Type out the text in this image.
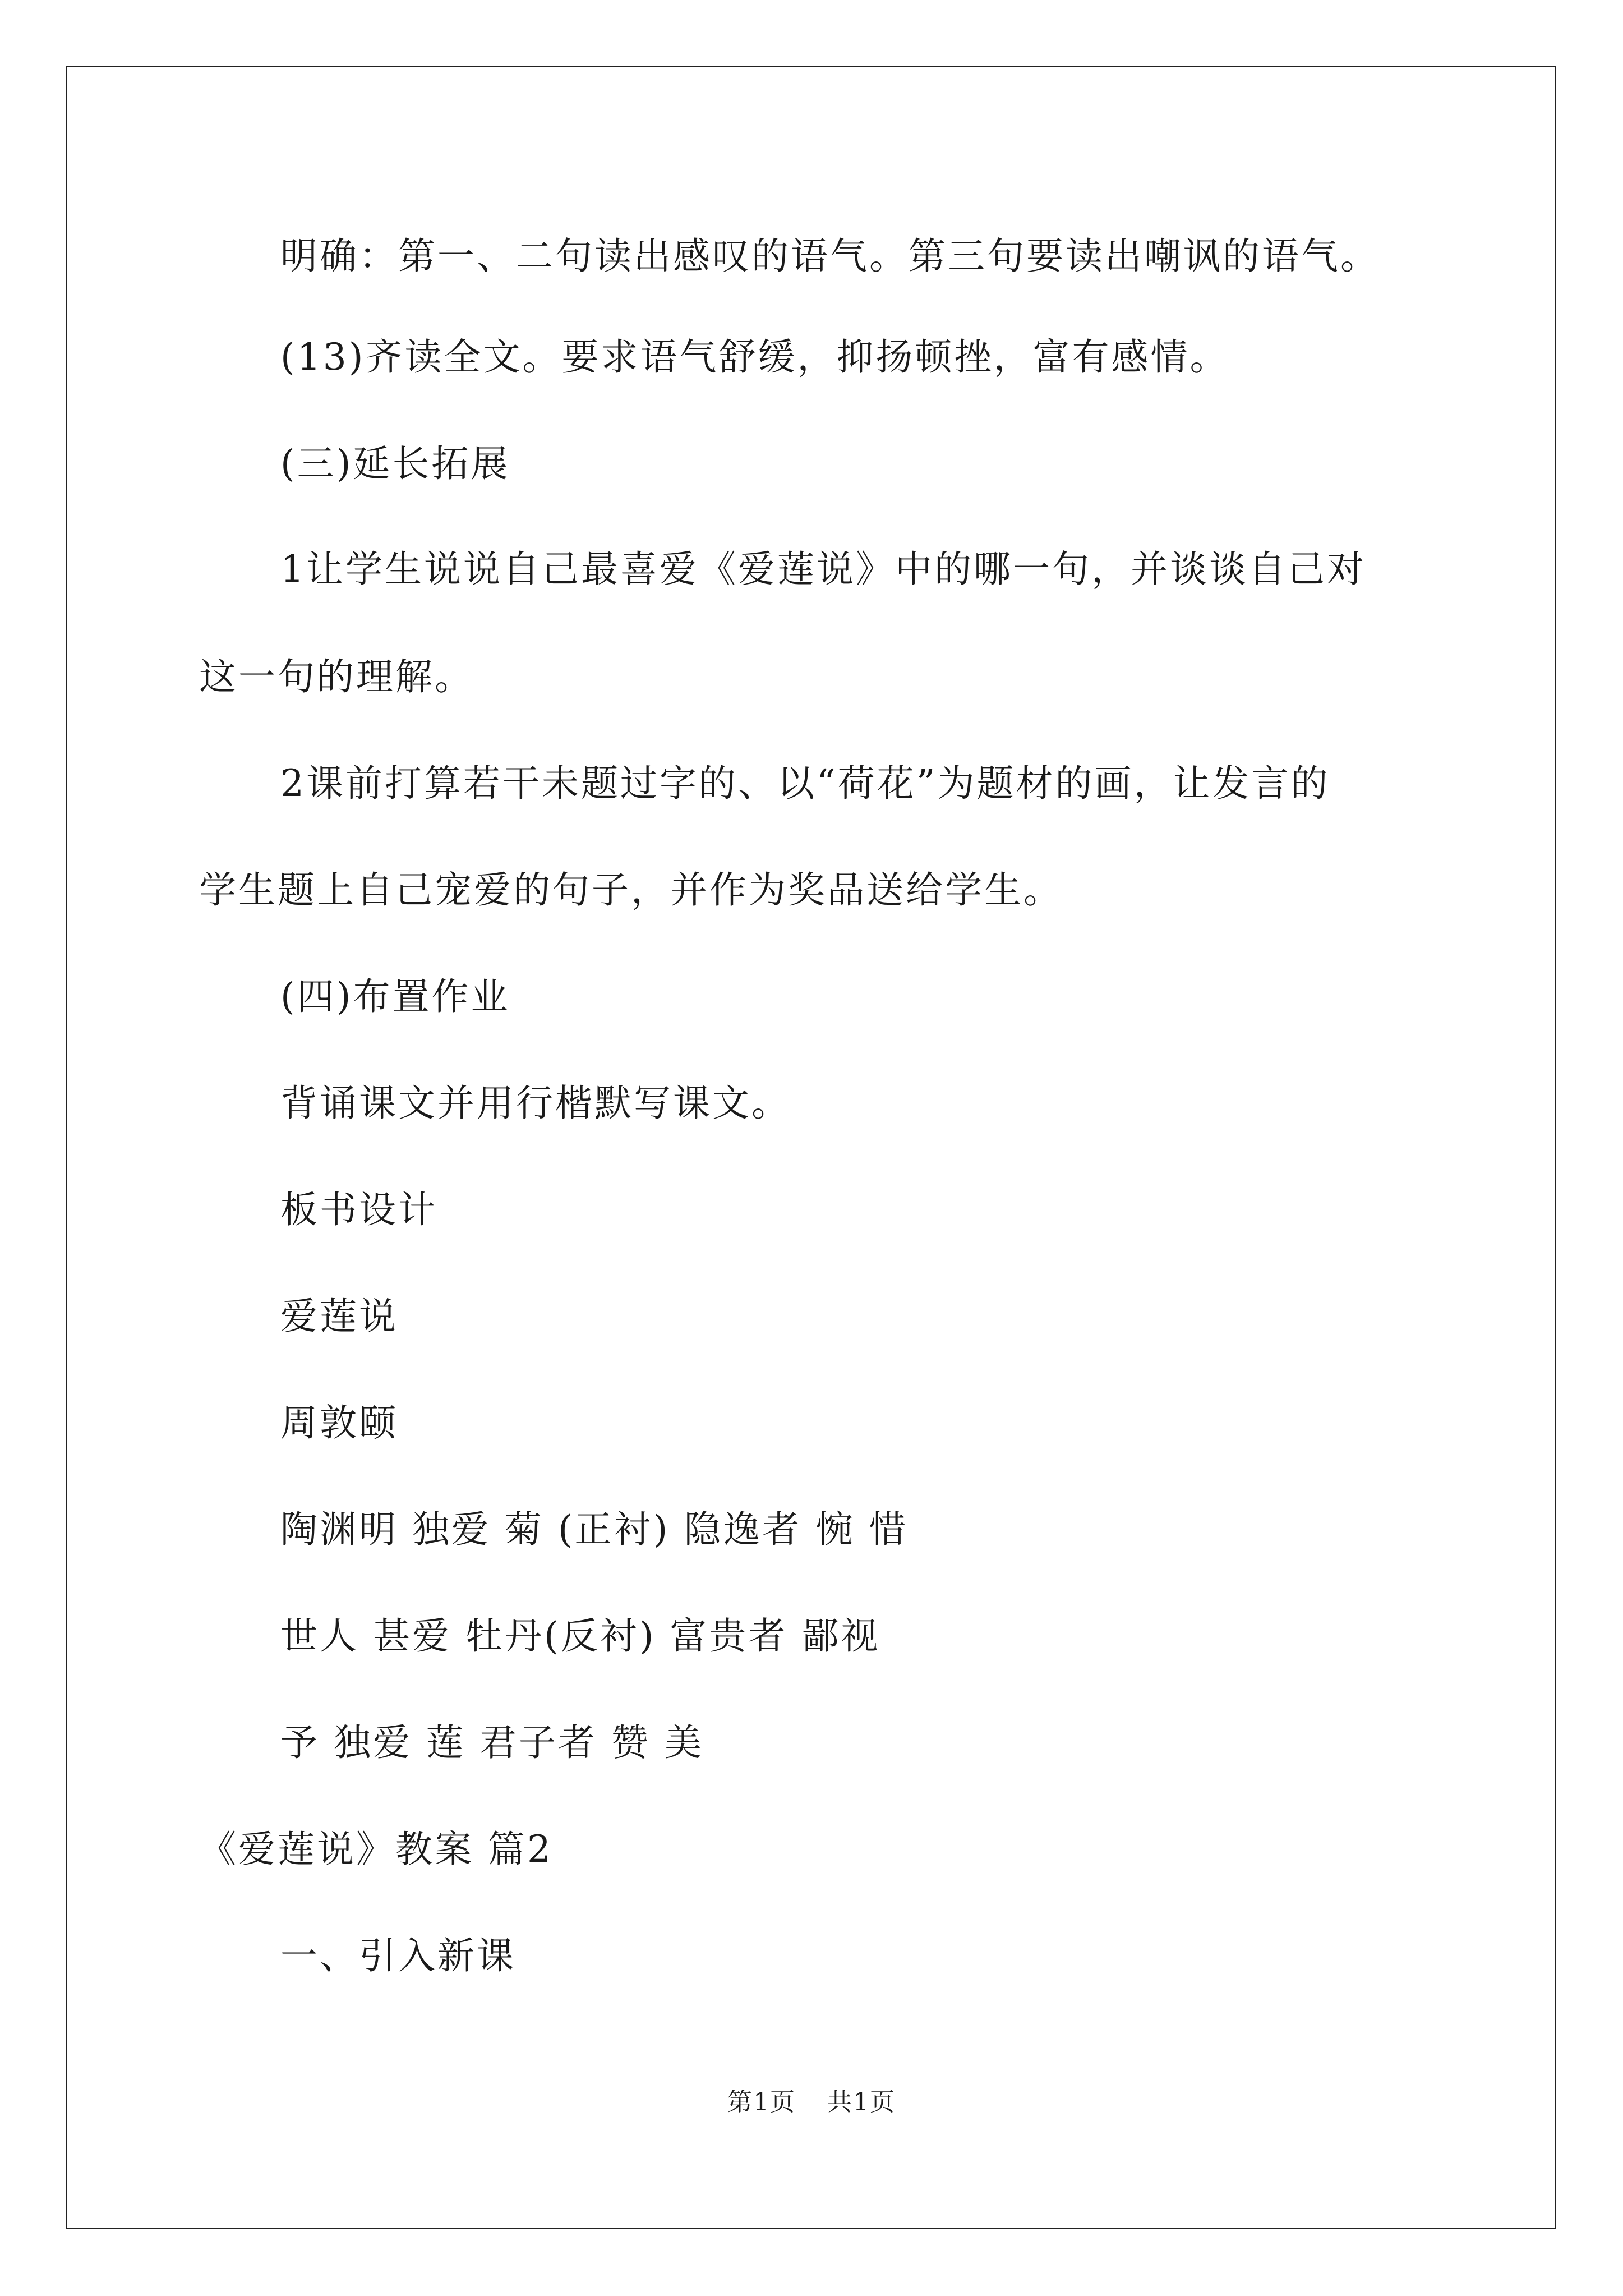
明确：第一、二句读出感叹的语气。第三句要读出嘲讽的语气。
(13)齐读全文。要求语气舒缓，抑扬顿挫，富有感情。
(三)延长拓展
1让学生说说自己最喜爱《爱莲说》中的哪一句，并谈谈自己对
这一句的理解。
2课前打算若干未题过字的、以“荷花”为题材的画，让发言的
学生题上自己宠爱的句子，并作为奖品送给学生。
(四)布置作业
背诵课文并用行楷默写课文。
板书设计
爱莲说
周敦颐
陶渊明 独爱 菊 (正衬) 隐逸者 惋 惜
世人 甚爱 牡丹(反衬) 富贵者 鄙视
予 独爱 莲 君子者 赞 美
《爱莲说》教案 篇2
一、引入新课
第1页 共1页
